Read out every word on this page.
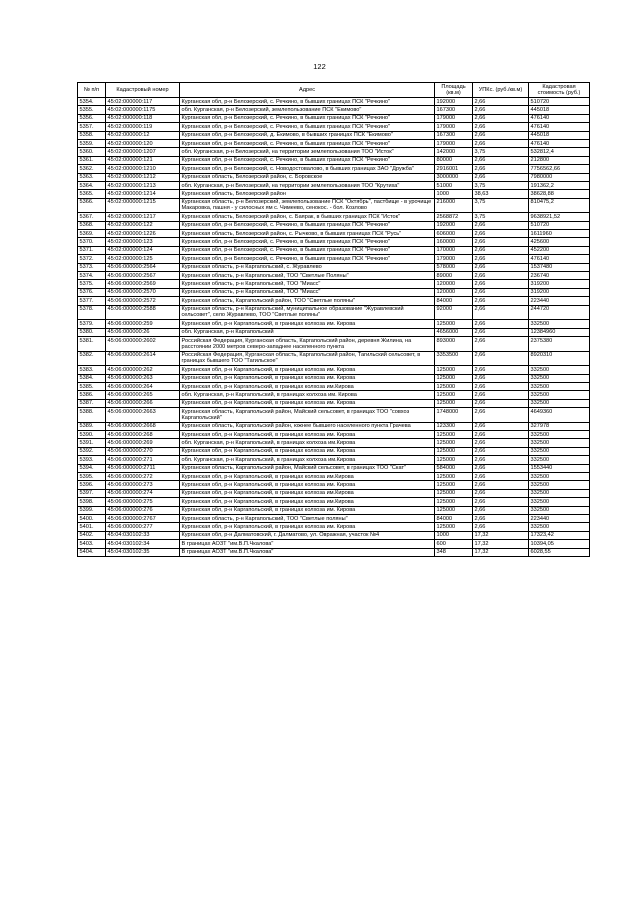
122
№ п/п	Кадастровый номер	Адрес	Площадь (кв.м)	УПКс. (руб./кв.м)	Кадастровая стоимость (руб.)
5354.	45:02:000000:117	Курганская обл, р-н Белозерский, с. Речкино, в бывших границах ПСК "Речкино"	192000	2,66	510720
5355.	45:02:000000:1175	обл. Курганская, р-н Белозерский, землепользование ПСК "Екимово"	167300	2,66	445018
5356.	45:02:000000:118	Курганская обл, р-н Белозерский, с. Речкино, в бывших границах ПСК "Речкино"	179000	2,66	476140
5357.	45:02:000000:119	Курганская обл, р-н Белозерский, с. Речкино, в бывших границах ПСК "Речкино"	179000	2,66	476140
5358.	45:02:000000:12	Курганская обл, р-н Белозерский, д. Екимово, в бывших границах ПСК "Екимово"	167300	2,66	445018
5359.	45:02:000000:120	Курганская обл, р-н Белозерский, с. Речкино, в бывших границах ПСК "Речкино"	179000	2,66	476140
5360.	45:02:000000:1207	обл. Курганская, р-н Белозерский, на территории землепользования ТОО "Исток"	142000	3,75	532812,4
5361.	45:02:000000:121	Курганская обл, р-н Белозерский, с. Речкино, в бывших границах ПСК "Речкино"	80000	2,66	212800
5362.	45:02:000000:1210	Курганская обл, р-н Белозерский, с. Новодостовалово, в бывших границах ЗАО "Дружба"	2916001	2,66	7756562,66
5363.	45:02:000000:1212	Курганская область, Белозерский район, с. Боровское	3000000	2,66	7980000
5364.	45:02:000000:1213	обл. Курганская, р-н Белозерский, на территории землепользования ТОО "Крутиха"	51000	3,75	191362,2
5365.	45:02:000000:1214	Курганская область, Белозерский район	1000	38,63	38628,88
5366.	45:02:000000:1215	Курганская область, р-н Белозерский, землепользование ПСК "Октябрь", пастбище - в урочище Макаровка, пашня - у силосных ям с. Чимеево, сенокос. - бол. Козлово	216000	3,75	810475,2
5367.	45:02:000000:1217	Курганская область, Белозерский район, с. Баярак, в бывших границах ПСК "Исток"	2568872	3,75	9638921,52
5368.	45:02:000000:122	Курганская обл, р-н Белозерский, с. Речкино, в бывших границах ПСК "Речкино"	192000	2,66	510720
5369.	45:02:000000:1226	Курганская область, Белозерский район, с. Рычково, в бывших границах ПСК "Русь"	606000	2,66	1611960
5370.	45:02:000000:123	Курганская обл, р-н Белозерский, с. Речкино, в бывших границах ПСК "Речкино"	160000	2,66	425600
5371.	45:02:000000:124	Курганская обл, р-н Белозерский, с. Речкино, в бывших границах ПСК "Речкино"	170000	2,66	452200
5372.	45:02:000000:125	Курганская обл, р-н Белозерский, с. Речкино, в бывших границах ПСК "Речкино"	179000	2,66	476140
5373.	45:06:000000:2564	Курганская область, р-н Каргапольский, с. Журавлево	578000	2,66	1537480
5374.	45:06:000000:2567	Курганская область, р-н Каргапольский, ТОО "Светлые Поляны"	89000	2,66	236740
5375.	45:06:000000:2569	Курганская область, р-н Каргапольский, ТОО "Миасс"	120000	2,66	319200
5376.	45:06:000000:2570	Курганская область, р-н Каргапольский, ТОО "Миасс"	120000	2,66	319200
5377.	45:06:000000:2572	Курганская область, Каргапольский район, ТОО "Светлые поляны"	84000	2,66	223440
5378.	45:06:000000:2588	Курганская область, р-н Каргапольский, муниципальное образование "Журавлевский сельсовет", село Журавлево, ТОО "Светлые поляны"	92000	2,66	244720
5379.	45:06:000000:259	Курганская обл, р-н Каргапольский, в границах колхоза им. Кирова	125000	2,66	332500
5380.	45:06:000000:26	обл. Курганская, р-н Каргапольский	4656000	2,66	12384960
5381.	45:06:000000:2602	Российская Федерация, Курганская область, Каргапольский район, деревня Жилина, на расстоянии 2000 метров северо-западнее населенного пункта	893000	2,66	2375380
5382.	45:06:000000:2614	Российская Федерация, Курганская область, Каргапольский район, Тагильский сельсовет, в границах бывшего ТОО "Тагильское"	3353500	2,66	8920310
5383.	45:06:000000:262	Курганская обл, р-н Каргапольский, в границах колхоза им. Кирова	125000	2,66	332500
5384.	45:06:000000:263	Курганская обл, р-н Каргапольский, в границах колхоза им. Кирова	125000	2,66	332500
5385.	45:06:000000:264	Курганская обл, р-н Каргапольский, в границах колхоза им.Кирова	125000	2,66	332500
5386.	45:06:000000:265	обл. Курганская, р-н Каргапольский, в границах колхоза им. Кирова	125000	2,66	332500
5387.	45:06:000000:266	Курганская обл, р-н Каргапольский, в границах колхоза им. Кирова	125000	2,66	332500
5388.	45:06:000000:2663	Курганская область, Каргапольский район, Майский сельсовет, в границах ТОО "совхоз Каргапольский"	1748000	2,66	4649360
5389.	45:06:000000:2668	Курганская область, Каргапольский район, южнее бывшего населенного пункта Грачева	123300	2,66	327978
5390.	45:06:000000:268	Курганская обл, р-н Каргапольский, в границах колхоза им. Кирова	125000	2,66	332500
5391.	45:06:000000:269	обл. Курганская, р-н Каргапольский, в границах колхоза им.Кирова	125000	2,66	332500
5392.	45:06:000000:270	Курганская обл, р-н Каргапольский, в границах колхоза им. Кирова	125000	2,66	332500
5393.	45:06:000000:271	обл. Курганская, р-н Каргапольский, в границах колхоза им.Кирова	125000	2,66	332500
5394.	45:06:000000:2711	Курганская область, Каргапольский район, Майский сельсовет, в границах ТОО "Скат"	584000	2,66	1553440
5395.	45:06:000000:272	Курганская обл, р-н Каргапольский, в границах колхоза им.Кирова	125000	2,66	332500
5396.	45:06:000000:273	Курганская обл, р-н Каргапольский, в границах колхоза им. Кирова	125000	2,66	332500
5397.	45:06:000000:274	Курганская обл, р-н Каргапольский, в границах колхоза им.Кирова	125000	2,66	332500
5398.	45:06:000000:275	Курганская обл, р-н Каргапольский, в границах колхоза им.Кирова	125000	2,66	332500
5399.	45:06:000000:276	Курганская обл, р-н Каргапольский, в границах колхоза им. Кирова	125000	2,66	332500
5400.	45:06:000000:2767	Курганская область, р-н Каргапольский, ТОО "Светлые поляны"	84000	2,66	223440
5401.	45:06:000000:277	Курганская обл, р-н Каргапольский, в границах колхоза им. Кирова	125000	2,66	332500
5402.	45:04:030102:33	Курганская обл, р-н Далматовский, г. Далматово, ул. Овражная, участок №4	1000	17,32	17323,42
5403.	45:04:030102:34	В границах АОЗТ "им.В.П.Чкалова"	600	17,32	10394,05
5404.	45:04:030102:35	В границах АОЗТ "им.В.П.Чкалова"	348	17,32	6028,55
